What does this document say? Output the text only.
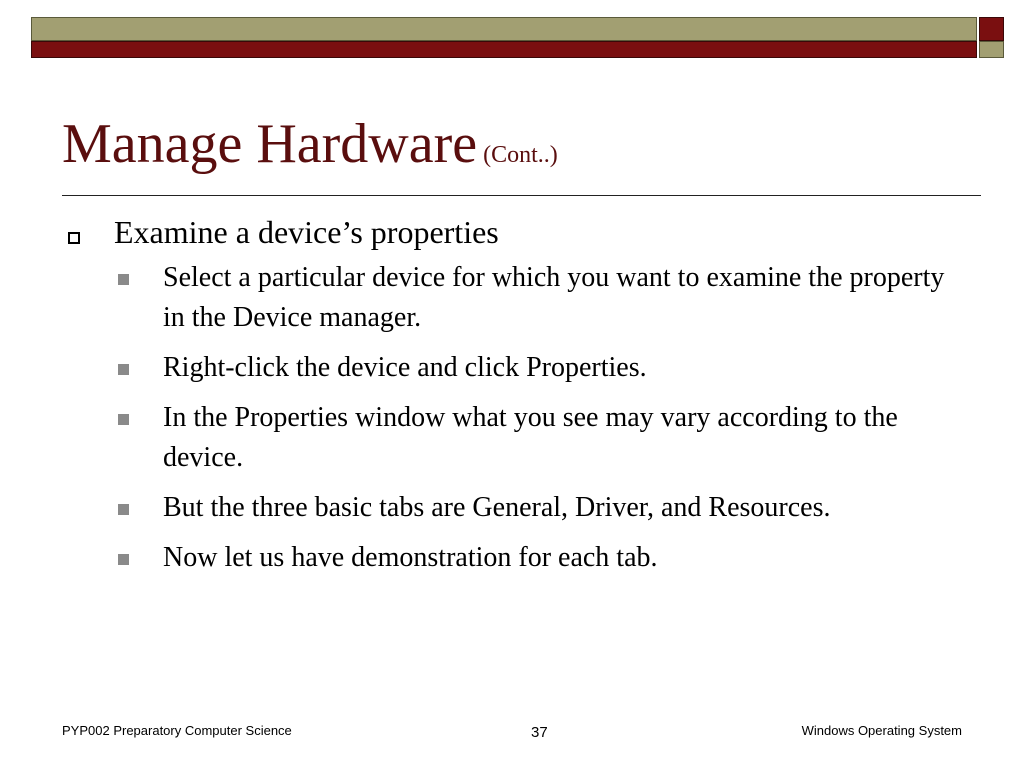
Manage Hardware (Cont..)
Examine a device’s properties
Select a particular device for which you want to examine the property in the Device manager.
Right-click the device and click Properties.
In the Properties window what you see may vary according to the device.
But the three basic tabs are General, Driver, and Resources.
Now let us have demonstration for each tab.
PYP002 Preparatory Computer Science	37	Windows Operating System
